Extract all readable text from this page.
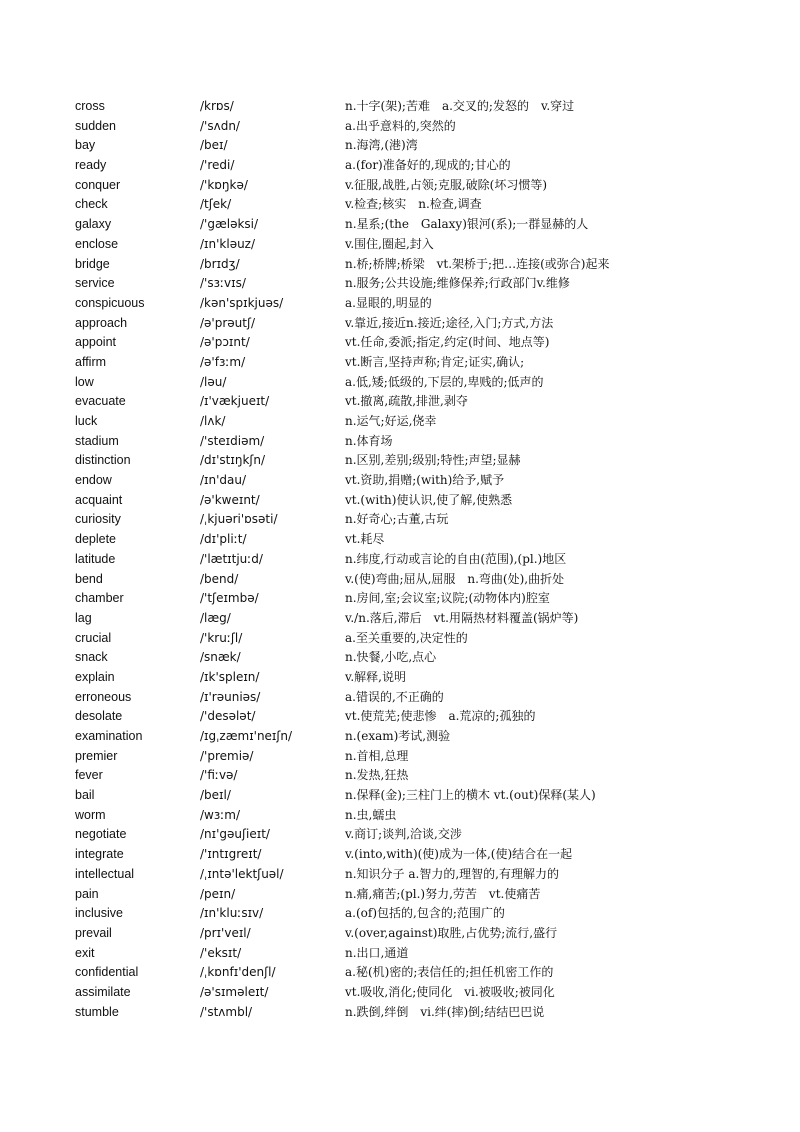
cross	/krɒs/	n.十字(架);苦难　a.交叉的;发怒的　v.穿过
sudden	/'sʌdn/	a.出乎意料的,突然的
bay	/beɪ/	n.海湾,(港)湾
ready	/'redi/	a.(for)准备好的,现成的;甘心的
conquer	/'kɒŋkə/	v.征服,战胜,占领;克服,破除(坏习惯等)
check	/tʃek/	v.检查;核实　n.检查,调查
galaxy	/'gæləksi/	n.星系;(the　Galaxy)银河(系);一群显赫的人
enclose	/ɪn'kləuz/	v.围住,圈起,封入
bridge	/brɪdʒ/	n.桥;桥牌;桥梁　vt.架桥于;把…连接(或弥合)起来
service	/'sɜːvɪs/	n.服务;公共设施;维修保养;行政部门v.维修
conspicuous	/kən'spɪkjuəs/	a.显眼的,明显的
approach	/ə'prəutʃ/	v.靠近,接近n.接近;途径,入门;方式,方法
appoint	/ə'pɔɪnt/	vt.任命,委派;指定,约定(时间、地点等)
affirm	/ə'fɜːm/	vt.断言,坚持声称;肯定;证实,确认;
low	/ləu/	a.低,矮;低级的,下层的,卑贱的;低声的
evacuate	/ɪ'vækjueɪt/	vt.撤离,疏散,排泄,剥夺
luck	/lʌk/	n.运气;好运,侥幸
stadium	/'steɪdiəm/	n.体育场
distinction	/dɪ'stɪŋkʃn/	n.区别,差别;级别;特性;声望;显赫
endow	/ɪn'dau/	vt.资助,捐赠;(with)给予,赋予
acquaint	/ə'kweɪnt/	vt.(with)使认识,使了解,使熟悉
curiosity	/ˌkjuəri'ɒsəti/	n.好奇心;古董,古玩
deplete	/dɪ'pliːt/	vt.耗尽
latitude	/'lætɪtjuːd/	n.纬度,行动或言论的自由(范围),(pl.)地区
bend	/bend/	v.(使)弯曲;屈从,屈服　n.弯曲(处),曲折处
chamber	/'tʃeɪmbə/	n.房间,室;会议室;议院;(动物体内)腔室
lag	/læg/	v./n.落后,滞后　vt.用隔热材料覆盖(锅炉等)
crucial	/'kruːʃl/	a.至关重要的,决定性的
snack	/snæk/	n.快餐,小吃,点心
explain	/ɪk'spleɪn/	v.解释,说明
erroneous	/ɪ'rəuniəs/	a.错误的,不正确的
desolate	/'desələt/	vt.使荒芜;使悲惨　a.荒凉的;孤独的
examination	/ɪgˌzæmɪ'neɪʃn/	n.(exam)考试,测验
premier	/'premiə/	n.首相,总理
fever	/'fiːvə/	n.发热,狂热
bail	/beɪl/	n.保释(金);三柱门上的横木 vt.(out)保释(某人)
worm	/wɜːm/	n.虫,蠕虫
negotiate	/nɪ'gəuʃieɪt/	v.商订;谈判,洽谈,交涉
integrate	/'ɪntɪgreɪt/	v.(into,with)(使)成为一体,(使)结合在一起
intellectual	/ˌɪntə'lektʃuəl/	n.知识分子 a.智力的,理智的,有理解力的
pain	/peɪn/	n.痛,痛苦;(pl.)努力,劳苦　vt.使痛苦
inclusive	/ɪn'kluːsɪv/	a.(of)包括的,包含的;范围广的
prevail	/prɪ'veɪl/	v.(over,against)取胜,占优势;流行,盛行
exit	/'eksɪt/	n.出口,通道
confidential	/ˌkɒnfɪ'denʃl/	a.秘(机)密的;表信任的;担任机密工作的
assimilate	/ə'sɪməleɪt/	vt.吸收,消化;使同化　vi.被吸收;被同化
stumble	/'stʌmbl/	n.跌倒,绊倒　vi.绊(摔)倒;结结巴巴说
